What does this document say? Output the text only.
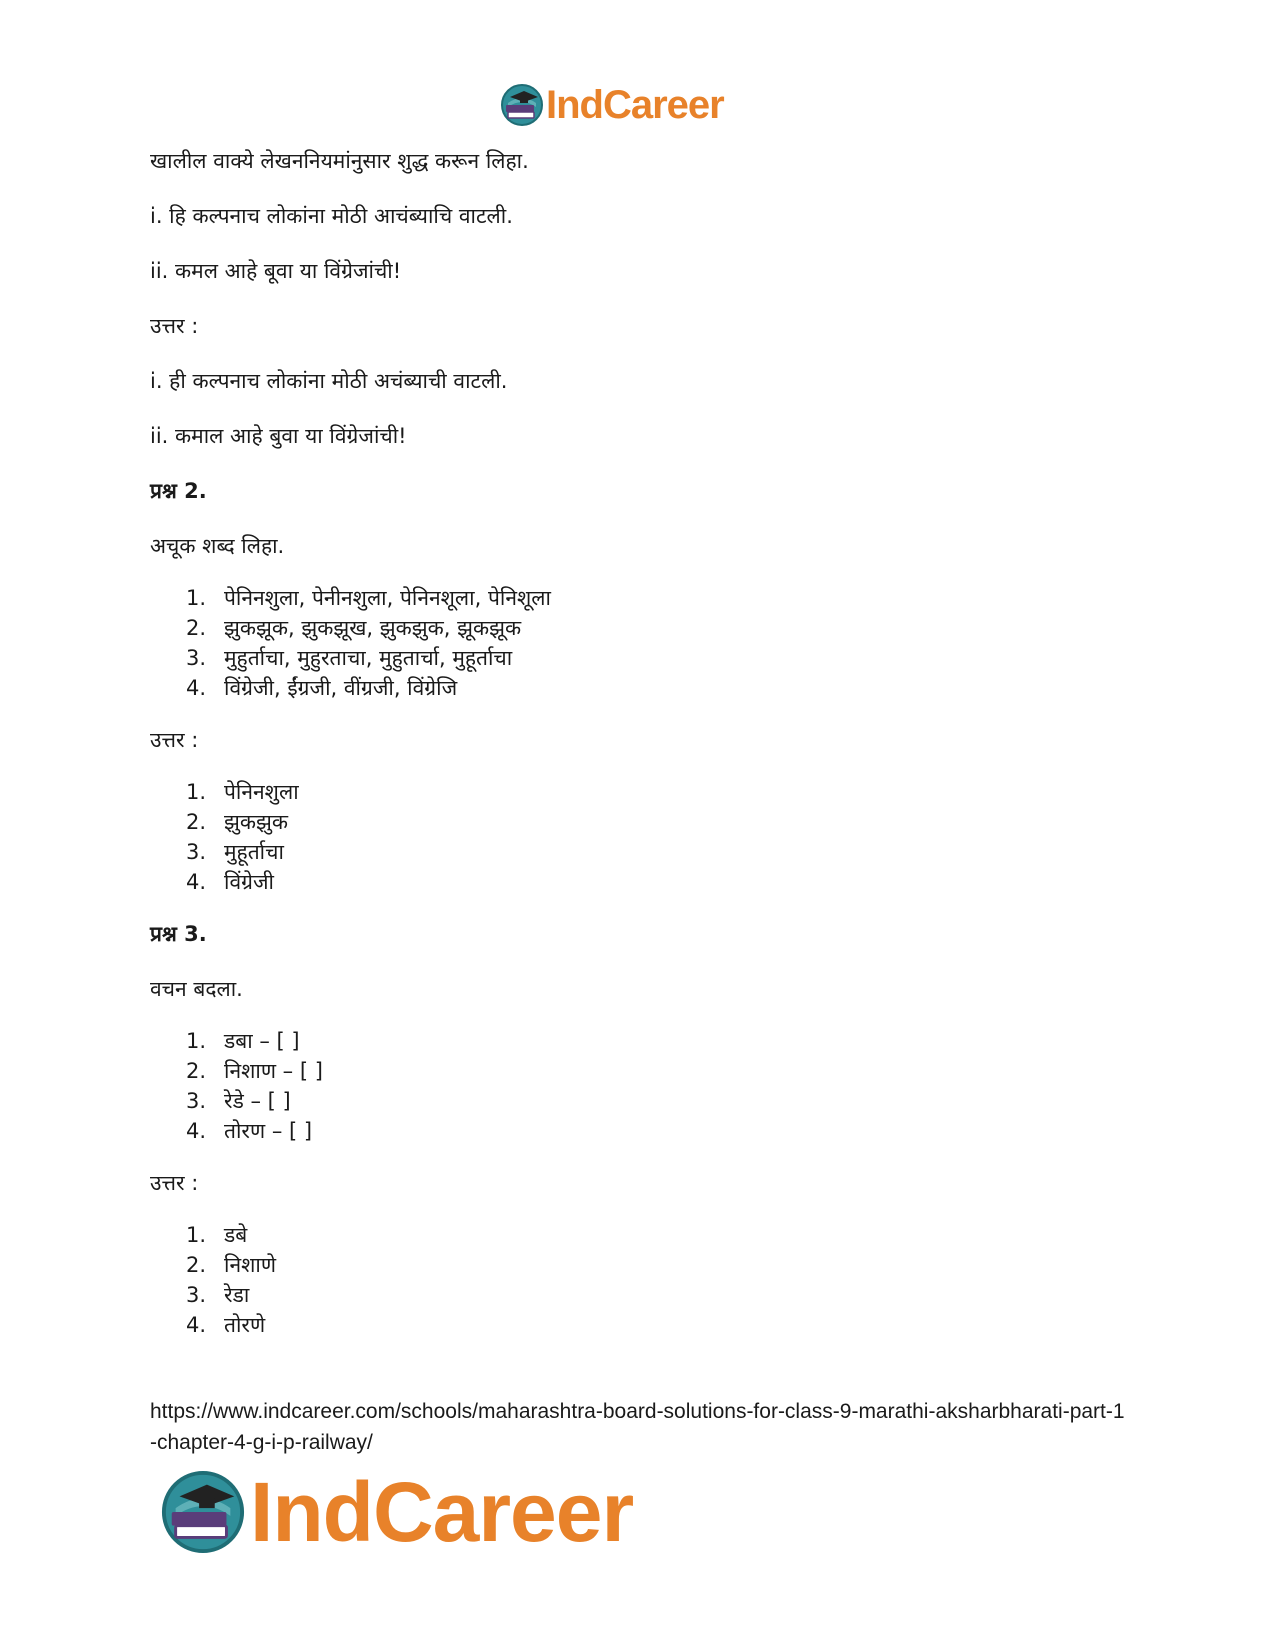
IndCareer

खालील वाक्ये लेखननियमांनुसार शुद्ध करून लिहा.

i. हि कल्पनाच लोकांना मोठी आचंब्याचि वाटली.

ii. कमल आहे बूवा या विंग्रेजांची!

उत्तर :

i. ही कल्पनाच लोकांना मोठी अचंब्याची वाटली.

ii. कमाल आहे बुवा या विंग्रेजांची!

प्रश्न 2.

अचूक शब्द लिहा.

1. पेनिनशुला, पेनीनशुला, पेनिनशूला, पेनिशूला
2. झुकझूक, झुकझूख, झुकझुक, झूकझूक
3. मुहुर्ताचा, मुहुरताचा, मुहुतार्चा, मुहूर्ताचा
4. विंग्रेजी, ईंग्रजी, वींग्रजी, विंग्रेजि

उत्तर :

1. पेनिनशुला
2. झुकझुक
3. मुहूर्ताचा
4. विंग्रेजी

प्रश्न 3.

वचन बदला.

1. डबा – [ ]
2. निशाण – [ ]
3. रेडे – [ ]
4. तोरण – [ ]

उत्तर :

1. डबे
2. निशाणे
3. रेडा
4. तोरणे
https://www.indcareer.com/schools/maharashtra-board-solutions-for-class-9-marathi-aksharbharati-part-1-chapter-4-g-i-p-railway/
IndCareer
